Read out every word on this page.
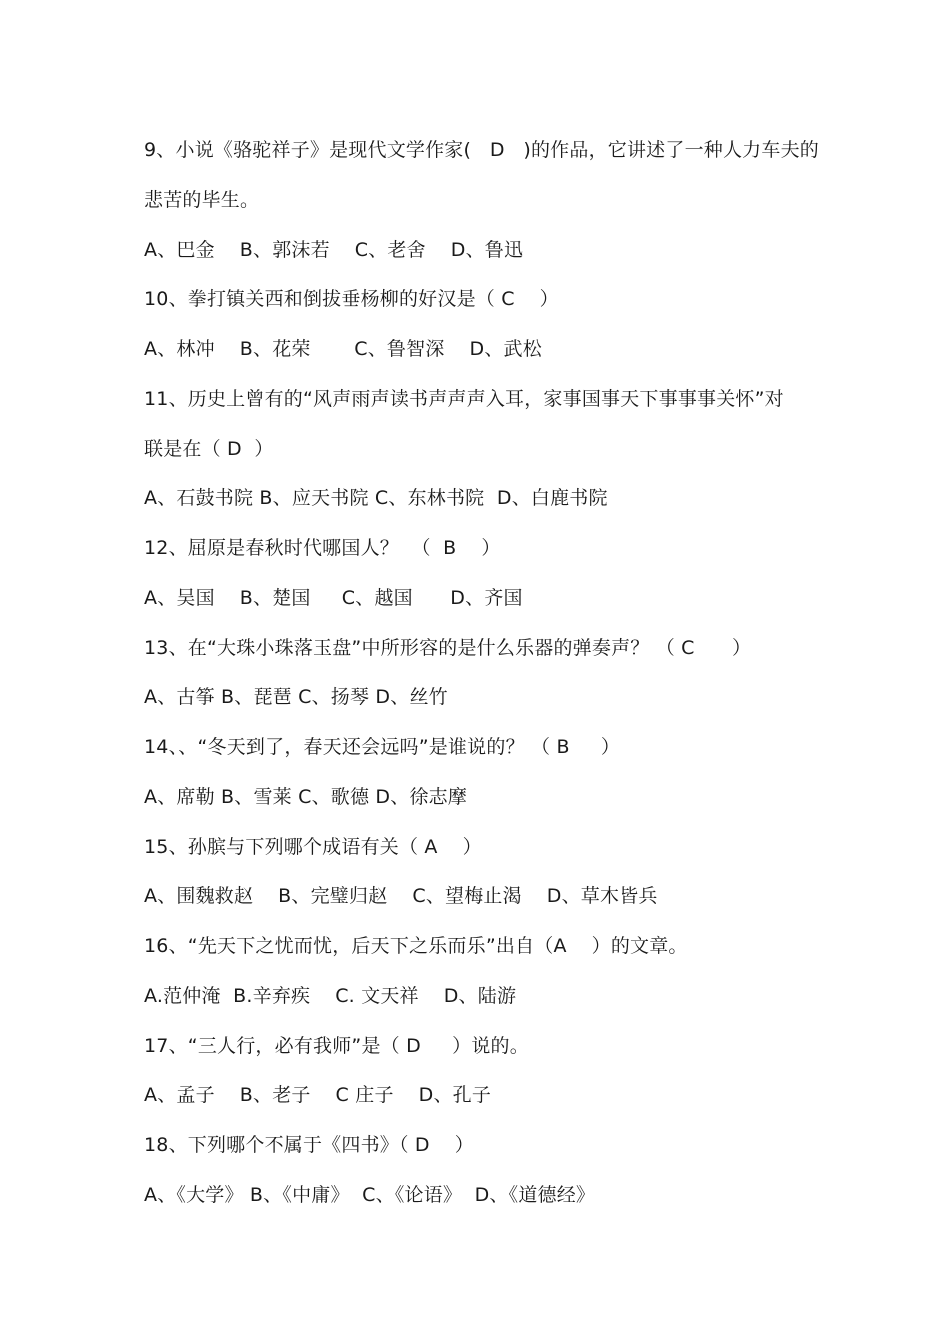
9、小说《骆驼祥子》是现代文学作家(   D   )的作品，它讲述了一种人力车夫的
悲苦的毕生。
A、巴金    B、郭沫若    C、老舍    D、鲁迅
10、拳打镇关西和倒拔垂杨柳的好汉是（ C    ）
A、林冲    B、花荣       C、鲁智深    D、武松
11、历史上曾有的“风声雨声读书声声声入耳，家事国事天下事事事关怀”对
联是在（ D  ）
A、石鼓书院 B、应天书院 C、东林书院  D、白鹿书院
12、屈原是春秋时代哪国人？  （  B    ）
A、吴国    B、楚国     C、越国      D、齐国
13、在“大珠小珠落玉盘”中所形容的是什么乐器的弹奏声？ （ C      ）
A、古筝 B、琵琶 C、扬琴 D、丝竹
14、、“冬天到了，春天还会远吗”是谁说的？ （ B     ）
A、席勒 B、雪莱 C、歌德 D、徐志摩
15、孙膑与下列哪个成语有关（ A    ）
A、围魏救赵    B、完璧归赵    C、望梅止渴    D、草木皆兵
16、“先天下之忧而忧，后天下之乐而乐”出自（A    ）的文章。
A.范仲淹  B.辛弃疾    C. 文天祥    D、陆游
17、“三人行，必有我师”是（ D     ）说的。
A、孟子    B、老子    C 庄子    D、孔子
18、下列哪个不属于《四书》（ D    ）
A、《大学》 B、《中庸》  C、《论语》  D、《道德经》
